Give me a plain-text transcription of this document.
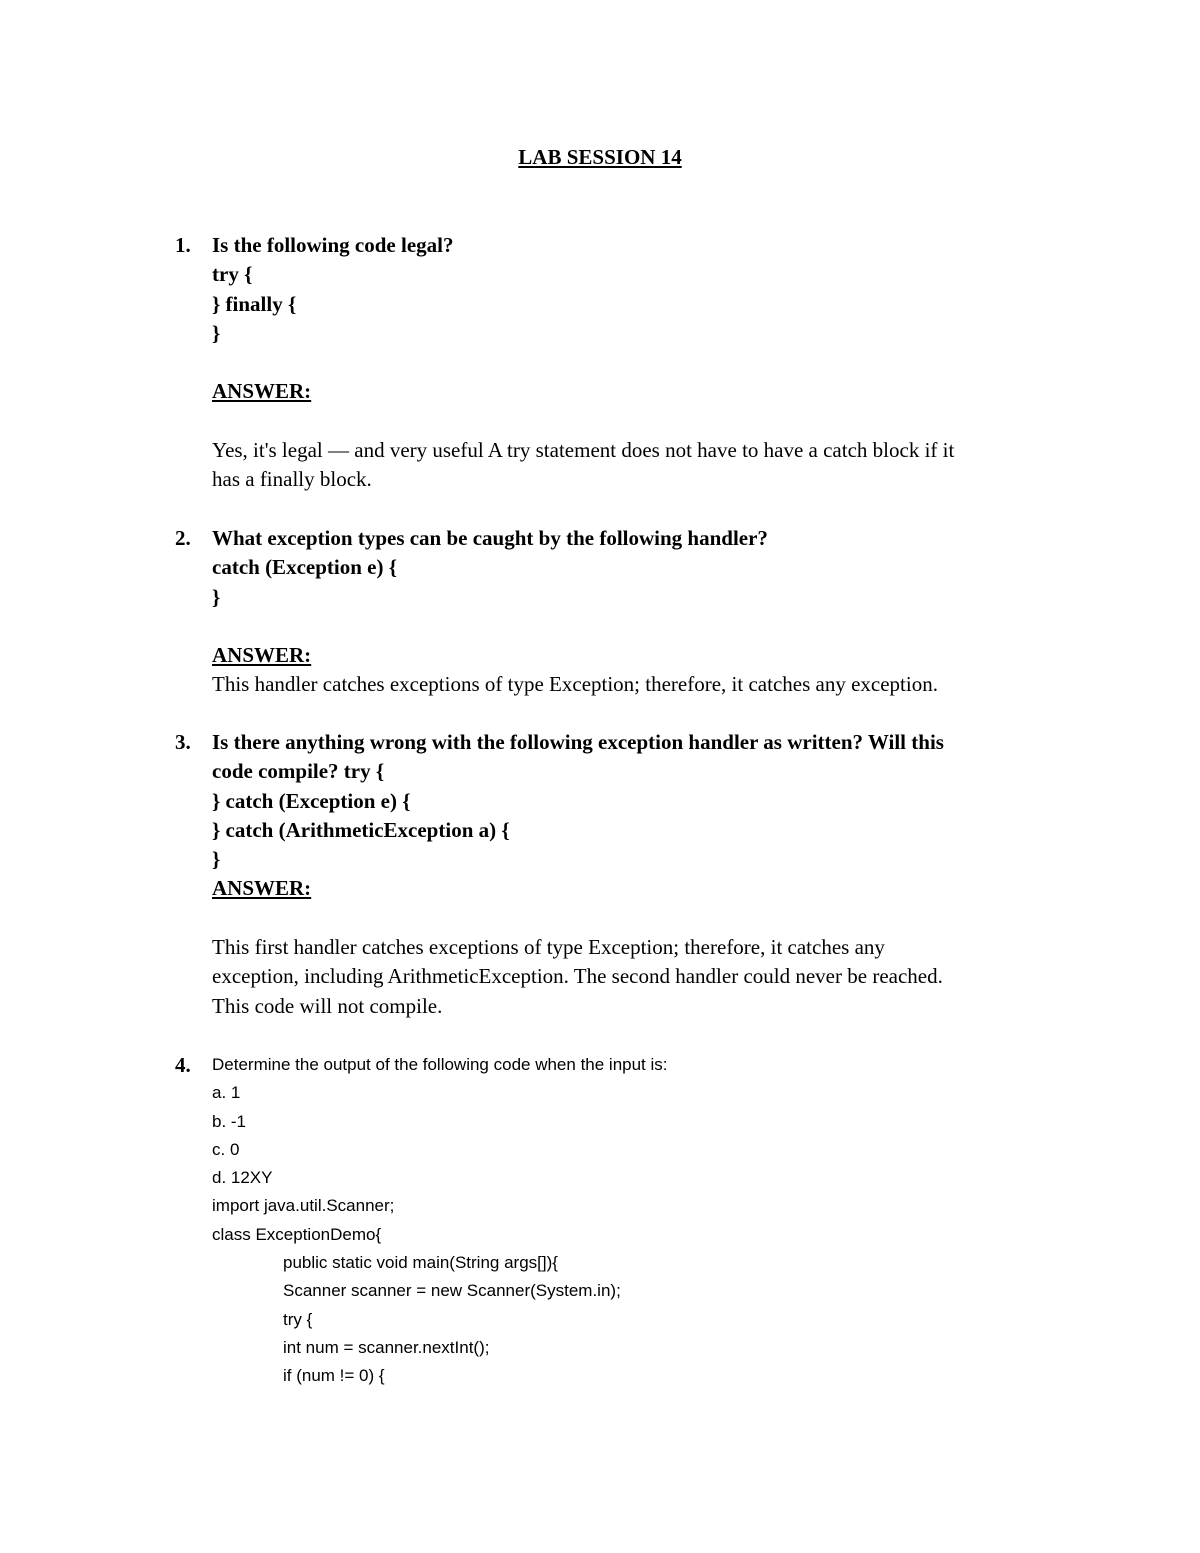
LAB SESSION 14
1. Is the following code legal?
try {
} finally {
}
ANSWER:
Yes, it's legal — and very useful A try statement does not have to have a catch block if it
has a finally block.
2. What exception types can be caught by the following handler?
catch (Exception e) {
}
ANSWER:
This handler catches exceptions of type Exception; therefore, it catches any exception.
3. Is there anything wrong with the following exception handler as written? Will this
code compile? try {
} catch (Exception e) {
} catch (ArithmeticException a) {
}
ANSWER:
This first handler catches exceptions of type Exception; therefore, it catches any
exception, including ArithmeticException. The second handler could never be reached.
This code will not compile.
4. Determine the output of the following code when the input is:
a. 1
b. -1
c. 0
d. 12XY
import java.util.Scanner;
class ExceptionDemo{
public static void main(String args[]){
Scanner scanner = new Scanner(System.in);
try {
int num = scanner.nextInt();
if (num != 0) {
